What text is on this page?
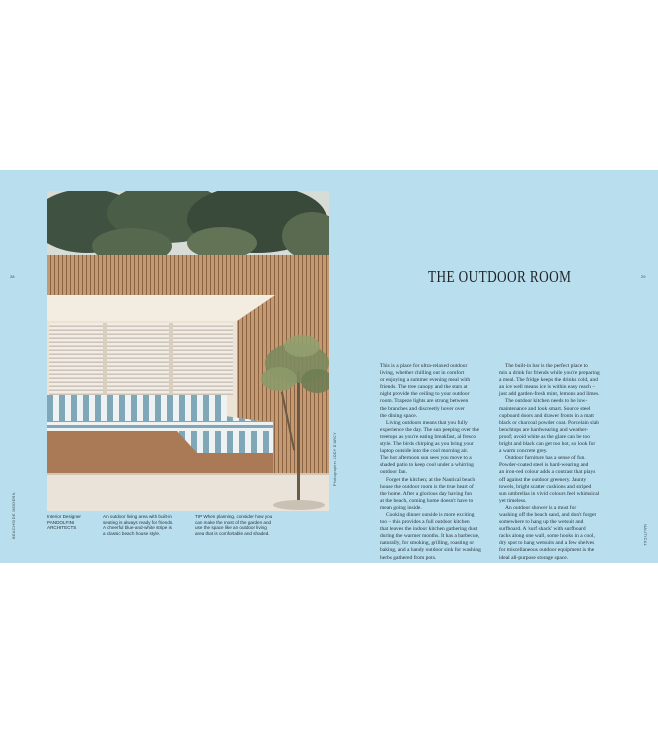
28
BEACHSIDE MODERN
Photographer JODY D'ARCY
Interior Designer
PANDOLFINI
ARCHITECTS
An outdoor living area with built-in
seating is always ready for friends.
A cheerful blue-and-white stripe is
a classic beach house style.
TIP When planning, consider how you
can make the most of the garden and
use the space like an outdoor living
area that is comfortable and shaded.
THE OUTDOOR ROOM
This is a place for ultra-relaxed outdoor
living, whether chilling out in comfort
or enjoying a summer evening meal with
friends. The tree canopy and the stars at
night provide the ceiling to your outdoor
room. Trapeze lights are strung between
the branches and discreetly hover over
the dining space.
Living outdoors means that you fully
experience the day. The sun peeping over the
treetops as you're eating breakfast, al fresco
style. The birds chirping as you bring your
laptop outside into the cool morning air.
The hot afternoon sun sees you move to a
shaded patio to keep cool under a whirring
outdoor fan.
Forget the kitchen; at the Nautical beach
house the outdoor room is the true heart of
the home. After a glorious day having fun
at the beach, coming home doesn't have to
mean going inside.
Cooking dinner outside is more exciting
too – this provides a full outdoor kitchen
that leaves the indoor kitchen gathering dust
during the warmer months. It has a barbecue,
naturally, for smoking, grilling, roasting or
baking, and a handy outdoor sink for washing
herbs gathered from pots.
The built-in bar is the perfect place to
mix a drink for friends while you're preparing
a meal. The fridge keeps the drinks cold, and
an ice well means ice is within easy reach –
just add garden-fresh mint, lemons and limes.
The outdoor kitchen needs to be low-
maintenance and look smart. Source steel
cupboard doors and drawer fronts in a matt
black or charcoal powder coat. Porcelain slab
benchtops are hardwearing and weather-
proof; avoid white as the glare can be too
bright and black can get too hot, so look for
a warm concrete grey.
Outdoor furniture has a sense of fun.
Powder-coated steel is hard-wearing and
an iron-red colour adds a contrast that plays
off against the outdoor greenery. Jaunty
towels, bright scatter cushions and striped
sun umbrellas in vivid colours feel whimsical
yet timeless.
An outdoor shower is a must for
washing off the beach sand, and don't forget
somewhere to hang up the wetsuit and
surfboard. A 'surf shack' with surfboard
racks along one wall, some hooks in a cool,
dry spot to hang wetsuits and a few shelves
for miscellaneous outdoor equipment is the
ideal all-purpose storage space.
29
NAUTICAL
